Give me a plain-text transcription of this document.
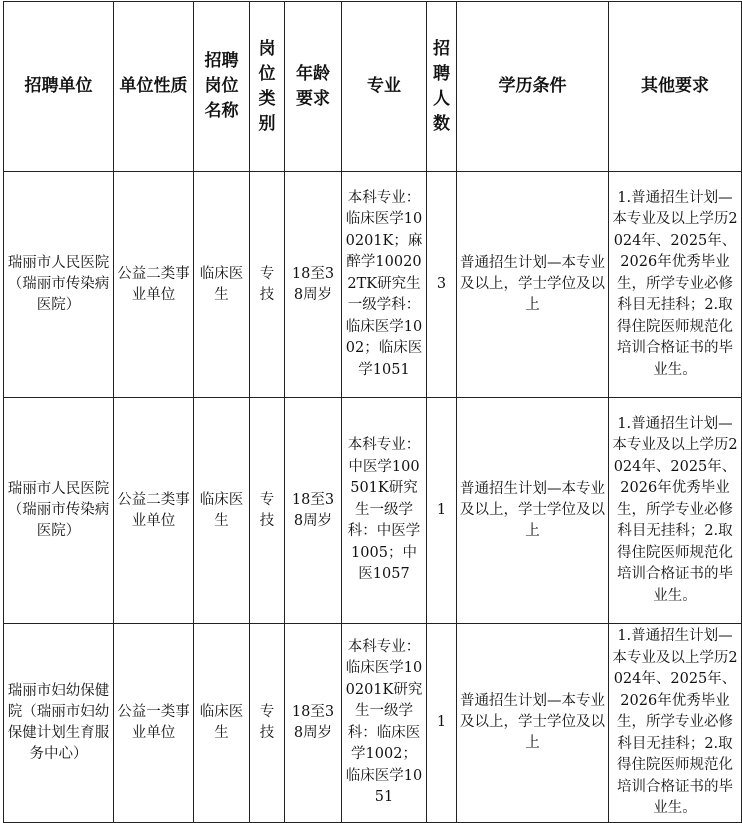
招聘单位	单位性质	招聘岗位名称	岗位类别	年龄要求	专业	招聘人数	学历条件	其他要求
瑞丽市人民医院（瑞丽市传染病医院）	公益二类事业单位	临床医生	专技	18至38周岁	本科专业：临床医学100201K；麻醉学100202TK研究生一级学科：临床医学1002；临床医学1051	3	普通招生计划—本专业及以上，学士学位及以上	1.普通招生计划—本专业及以上学历2024年、2025年、2026年优秀毕业生，所学专业必修科目无挂科；2.取得住院医师规范化培训合格证书的毕业生。
瑞丽市人民医院（瑞丽市传染病医院）	公益二类事业单位	临床医生	专技	18至38周岁	本科专业：中医学100501K研究生一级学科：中医学1005；中医1057	1	普通招生计划—本专业及以上，学士学位及以上	1.普通招生计划—本专业及以上学历2024年、2025年、2026年优秀毕业生，所学专业必修科目无挂科；2.取得住院医师规范化培训合格证书的毕业生。
瑞丽市妇幼保健院（瑞丽市妇幼保健计划生育服务中心）	公益一类事业单位	临床医生	专技	18至38周岁	本科专业：临床医学100201K研究生一级学科：临床医学1002；临床医学1051	1	普通招生计划—本专业及以上，学士学位及以上	1.普通招生计划—本专业及以上学历2024年、2025年、2026年优秀毕业生，所学专业必修科目无挂科；2.取得住院医师规范化培训合格证书的毕业生。
